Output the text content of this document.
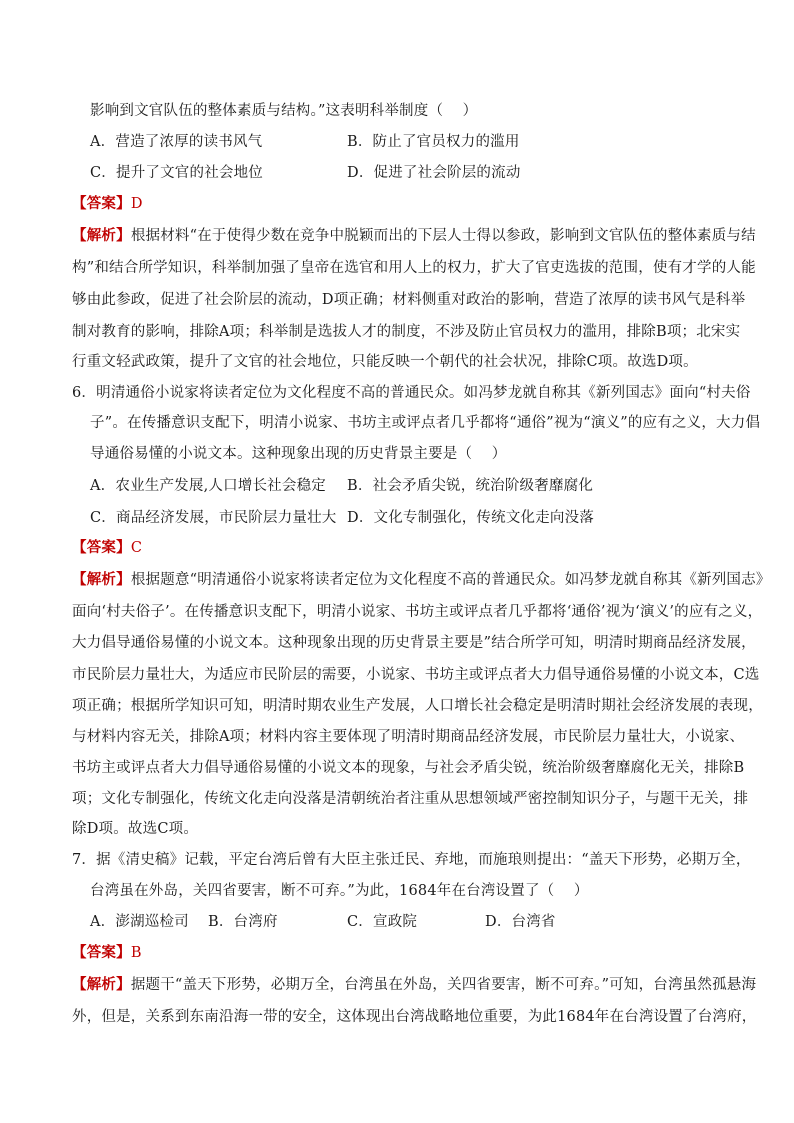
影响到文官队伍的整体素质与结构。”这表明科举制度（　 ）
A．营造了浓厚的读书风气	B．防止了官员权力的滥用
C．提升了文官的社会地位	D．促进了社会阶层的流动
【答案】D
【解析】根据材料“在于使得少数在竞争中脱颖而出的下层人士得以参政，影响到文官队伍的整体素质与结
构”和结合所学知识，科举制加强了皇帝在选官和用人上的权力，扩大了官吏选拔的范围，使有才学的人能
够由此参政，促进了社会阶层的流动，D项正确；材料侧重对政治的影响，营造了浓厚的读书风气是科举
制对教育的影响，排除A项；科举制是选拔人才的制度，不涉及防止官员权力的滥用，排除B项；北宋实
行重文轻武政策，提升了文官的社会地位，只能反映一个朝代的社会状况，排除C项。故选D项。
6．明清通俗小说家将读者定位为文化程度不高的普通民众。如冯梦龙就自称其《新列国志》面向“村夫俗
子”。在传播意识支配下，明清小说家、书坊主或评点者几乎都将“通俗”视为“演义”的应有之义，大力倡
导通俗易懂的小说文本。这种现象出现的历史背景主要是（　 ）
A．农业生产发展,人口增长社会稳定 B．社会矛盾尖锐，统治阶级奢靡腐化
C．商品经济发展，市民阶层力量壮大 D．文化专制强化，传统文化走向没落
【答案】C
【解析】根据题意“明清通俗小说家将读者定位为文化程度不高的普通民众。如冯梦龙就自称其《新列国志》
面向‘村夫俗子’。在传播意识支配下，明清小说家、书坊主或评点者几乎都将‘通俗’视为‘演义’的应有之义，
大力倡导通俗易懂的小说文本。这种现象出现的历史背景主要是”结合所学可知，明清时期商品经济发展，
市民阶层力量壮大，为适应市民阶层的需要，小说家、书坊主或评点者大力倡导通俗易懂的小说文本，C选
项正确；根据所学知识可知，明清时期农业生产发展，人口增长社会稳定是明清时期社会经济发展的表现，
与材料内容无关，排除A项；材料内容主要体现了明清时期商品经济发展，市民阶层力量壮大，小说家、
书坊主或评点者大力倡导通俗易懂的小说文本的现象，与社会矛盾尖锐，统治阶级奢靡腐化无关，排除B
项；文化专制强化，传统文化走向没落是清朝统治者注重从思想领域严密控制知识分子，与题干无关，排
除D项。故选C项。
7．据《清史稿》记载，平定台湾后曾有大臣主张迁民、弃地，而施琅则提出：“盖天下形势，必期万全，
台湾虽在外岛，关四省要害，断不可弃。”为此，1684年在台湾设置了（　 ）
A．澎湖巡检司 B．台湾府	C．宣政院	D．台湾省
【答案】B
【解析】据题干“盖天下形势，必期万全，台湾虽在外岛，关四省要害，断不可弃。”可知，台湾虽然孤悬海
外，但是，关系到东南沿海一带的安全，这体现出台湾战略地位重要，为此1684年在台湾设置了台湾府，
